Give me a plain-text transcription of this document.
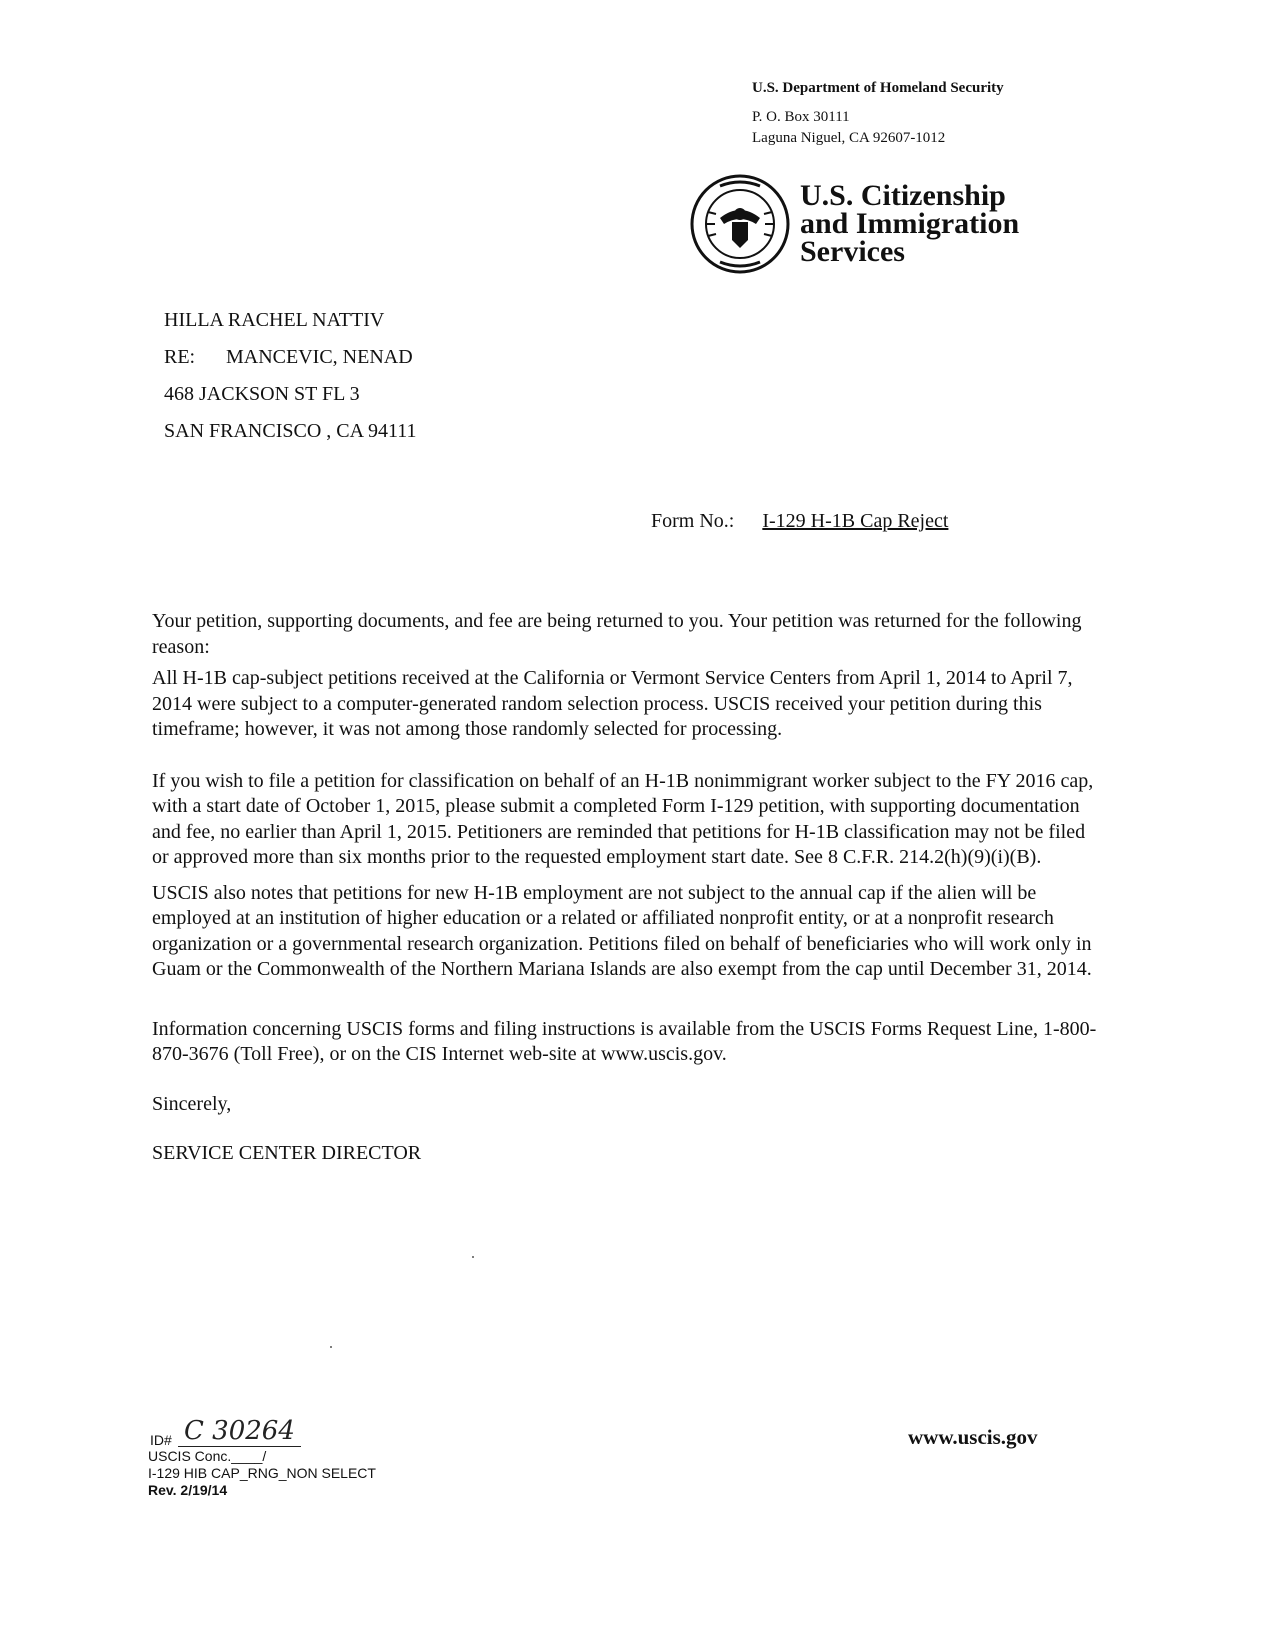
U.S. Department of Homeland Security
P. O. Box 30111
Laguna Niguel, CA 92607-1012
U.S. Citizenship
and Immigration
Services
HILLA RACHEL NATTIV
RE: MANCEVIC, NENAD
468 JACKSON ST FL 3
SAN FRANCISCO , CA 94111
Form No.: I-129 H-1B Cap Reject

Your petition, supporting documents, and fee are being returned to you. Your petition was returned for the following reason:

All H-1B cap-subject petitions received at the California or Vermont Service Centers from April 1, 2014 to April 7, 2014 were subject to a computer-generated random selection process. USCIS received your petition during this timeframe; however, it was not among those randomly selected for processing.

If you wish to file a petition for classification on behalf of an H-1B nonimmigrant worker subject to the FY 2016 cap, with a start date of October 1, 2015, please submit a completed Form I-129 petition, with supporting documentation and fee, no earlier than April 1, 2015. Petitioners are reminded that petitions for H-1B classification may not be filed or approved more than six months prior to the requested employment start date. See 8 C.F.R. 214.2(h)(9)(i)(B).

USCIS also notes that petitions for new H-1B employment are not subject to the annual cap if the alien will be employed at an institution of higher education or a related or affiliated nonprofit entity, or at a nonprofit research organization or a governmental research organization. Petitions filed on behalf of beneficiaries who will work only in Guam or the Commonwealth of the Northern Mariana Islands are also exempt from the cap until December 31, 2014.

Information concerning USCIS forms and filing instructions is available from the USCIS Forms Request Line, 1-800-870-3676 (Toll Free), or on the CIS Internet web-site at www.uscis.gov.

Sincerely,

SERVICE CENTER DIRECTOR

ID# C 30264
USCIS Conc.____/
I-129 HIB CAP_RNG_NON SELECT
Rev. 2/19/14
www.uscis.gov
